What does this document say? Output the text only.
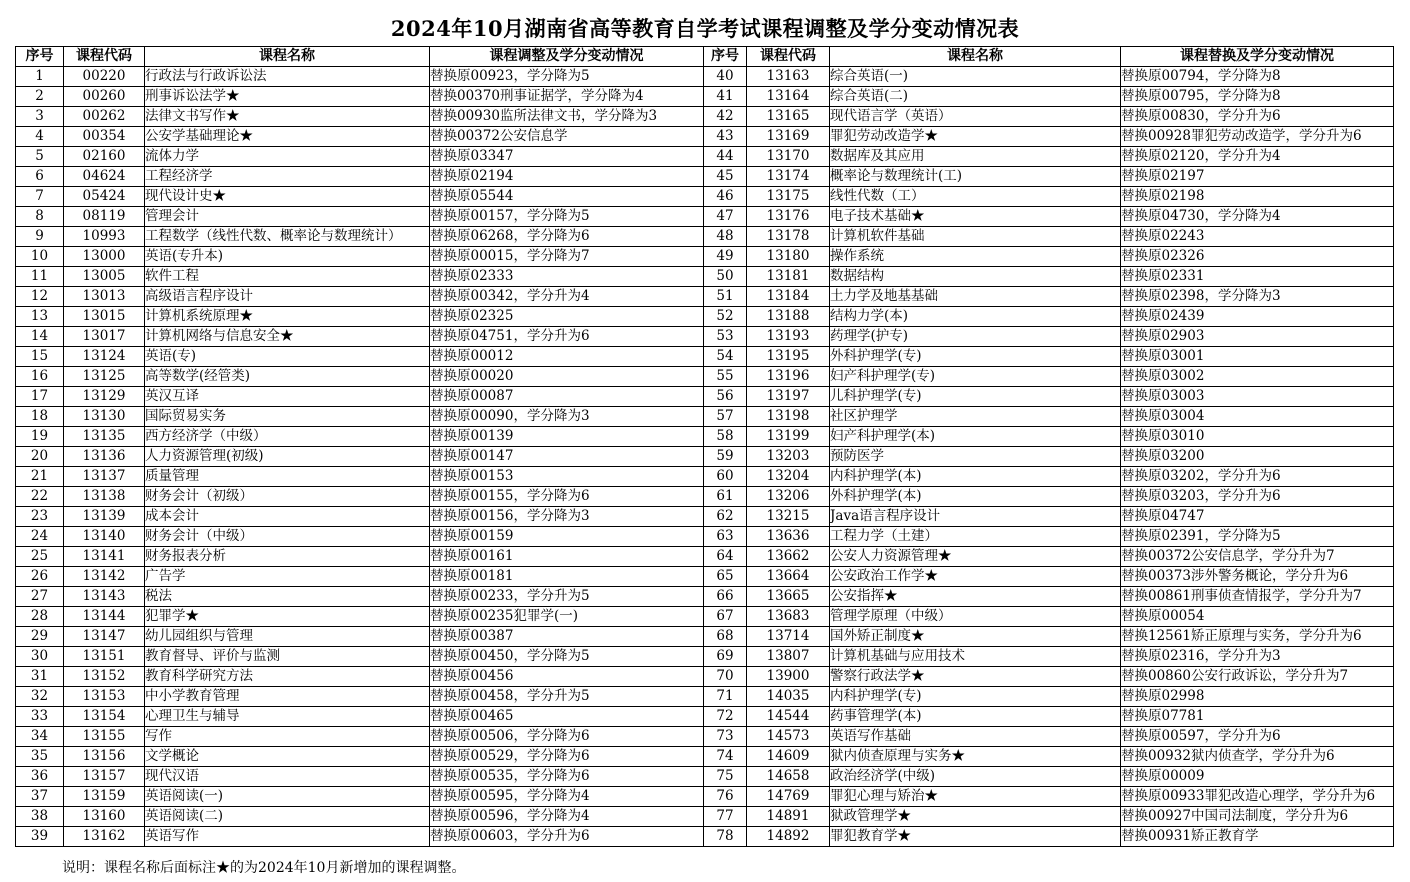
2024年10月湖南省高等教育自学考试课程调整及学分变动情况表
序号	课程代码	课程名称	课程调整及学分变动情况	序号	课程代码	课程名称	课程替换及学分变动情况
1	00220	行政法与行政诉讼法	替换原00923，学分降为5	40	13163	综合英语(一)	替换原00794，学分降为8
2	00260	刑事诉讼法学★	替换00370刑事证据学，学分降为4	41	13164	综合英语(二)	替换原00795，学分降为8
3	00262	法律文书写作★	替换00930监所法律文书，学分降为3	42	13165	现代语言学（英语）	替换原00830，学分升为6
4	00354	公安学基础理论★	替换00372公安信息学	43	13169	罪犯劳动改造学★	替换00928罪犯劳动改造学，学分升为6
5	02160	流体力学	替换原03347	44	13170	数据库及其应用	替换原02120，学分升为4
6	04624	工程经济学	替换原02194	45	13174	概率论与数理统计(工)	替换原02197
7	05424	现代设计史★	替换原05544	46	13175	线性代数（工）	替换原02198
8	08119	管理会计	替换原00157，学分降为5	47	13176	电子技术基础★	替换原04730，学分降为4
9	10993	工程数学（线性代数、概率论与数理统计）	替换原06268，学分降为6	48	13178	计算机软件基础	替换原02243
10	13000	英语(专升本)	替换原00015，学分降为7	49	13180	操作系统	替换原02326
11	13005	软件工程	替换原02333	50	13181	数据结构	替换原02331
12	13013	高级语言程序设计	替换原00342，学分升为4	51	13184	土力学及地基基础	替换原02398，学分降为3
13	13015	计算机系统原理★	替换原02325	52	13188	结构力学(本)	替换原02439
14	13017	计算机网络与信息安全★	替换原04751，学分升为6	53	13193	药理学(护专)	替换原02903
15	13124	英语(专)	替换原00012	54	13195	外科护理学(专)	替换原03001
16	13125	高等数学(经管类)	替换原00020	55	13196	妇产科护理学(专)	替换原03002
17	13129	英汉互译	替换原00087	56	13197	儿科护理学(专)	替换原03003
18	13130	国际贸易实务	替换原00090，学分降为3	57	13198	社区护理学	替换原03004
19	13135	西方经济学（中级）	替换原00139	58	13199	妇产科护理学(本)	替换原03010
20	13136	人力资源管理(初级)	替换原00147	59	13203	预防医学	替换原03200
21	13137	质量管理	替换原00153	60	13204	内科护理学(本)	替换原03202，学分升为6
22	13138	财务会计（初级）	替换原00155，学分降为6	61	13206	外科护理学(本)	替换原03203，学分升为6
23	13139	成本会计	替换原00156，学分降为3	62	13215	Java语言程序设计	替换原04747
24	13140	财务会计（中级）	替换原00159	63	13636	工程力学（土建）	替换原02391，学分降为5
25	13141	财务报表分析	替换原00161	64	13662	公安人力资源管理★	替换00372公安信息学，学分升为7
26	13142	广告学	替换原00181	65	13664	公安政治工作学★	替换00373涉外警务概论，学分升为6
27	13143	税法	替换原00233，学分升为5	66	13665	公安指挥★	替换00861刑事侦查情报学，学分升为7
28	13144	犯罪学★	替换原00235犯罪学(一)	67	13683	管理学原理（中级）	替换原00054
29	13147	幼儿园组织与管理	替换原00387	68	13714	国外矫正制度★	替换12561矫正原理与实务，学分升为6
30	13151	教育督导、评价与监测	替换原00450，学分降为5	69	13807	计算机基础与应用技术	替换原02316，学分升为3
31	13152	教育科学研究方法	替换原00456	70	13900	警察行政法学★	替换00860公安行政诉讼，学分升为7
32	13153	中小学教育管理	替换原00458，学分升为5	71	14035	内科护理学(专)	替换原02998
33	13154	心理卫生与辅导	替换原00465	72	14544	药事管理学(本)	替换原07781
34	13155	写作	替换原00506，学分降为6	73	14573	英语写作基础	替换原00597，学分升为6
35	13156	文学概论	替换原00529，学分降为6	74	14609	狱内侦查原理与实务★	替换00932狱内侦查学，学分升为6
36	13157	现代汉语	替换原00535，学分降为6	75	14658	政治经济学(中级)	替换原00009
37	13159	英语阅读(一)	替换原00595，学分降为4	76	14769	罪犯心理与矫治★	替换原00933罪犯改造心理学，学分升为6
38	13160	英语阅读(二)	替换原00596，学分降为4	77	14891	狱政管理学★	替换00927中国司法制度，学分升为6
39	13162	英语写作	替换原00603，学分升为6	78	14892	罪犯教育学★	替换00931矫正教育学
说明：课程名称后面标注★的为2024年10月新增加的课程调整。
